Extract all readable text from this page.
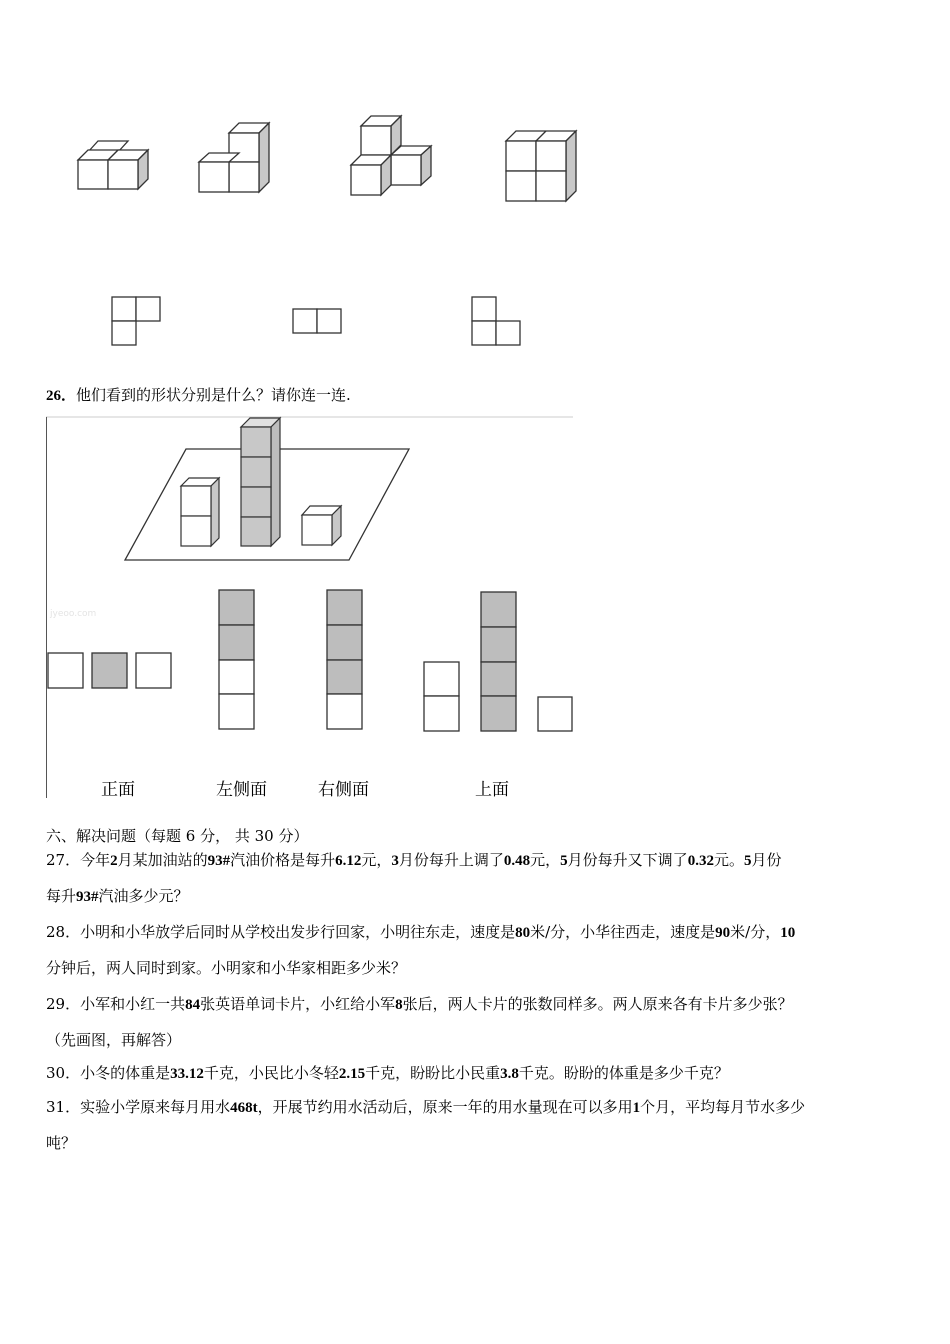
26．他们看到的形状分别是什么？请你连一连.
jyeoo.com
正面	左侧面	右侧面	上面
六、解决问题（每题 6 分， 共 30 分）
27．今年2月某加油站的93#汽油价格是每升6.12元，3月份每升上调了0.48元，5月份每升又下调了0.32元。5月份
每升93#汽油多少元？
28．小明和小华放学后同时从学校出发步行回家，小明往东走，速度是80米/分，小华往西走，速度是90米/分，10
分钟后，两人同时到家。小明家和小华家相距多少米？
29．小军和小红一共84张英语单词卡片，小红给小军8张后，两人卡片的张数同样多。两人原来各有卡片多少张？
（先画图，再解答）
30．小冬的体重是33.12千克，小民比小冬轻2.15千克，盼盼比小民重3.8千克。盼盼的体重是多少千克？
31．实验小学原来每月用水468t，开展节约用水活动后，原来一年的用水量现在可以多用1个月，平均每月节水多少
吨？
